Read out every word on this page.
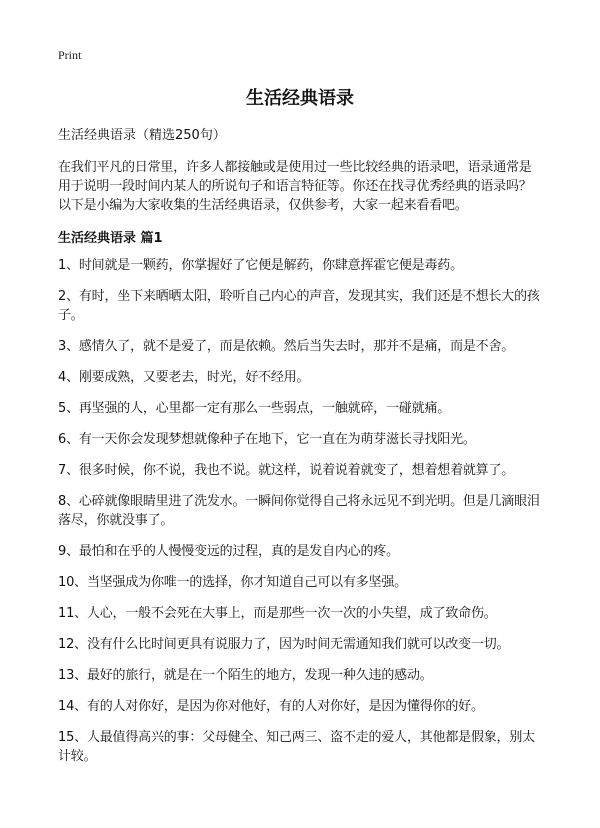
Print
生活经典语录
生活经典语录（精选250句）
在我们平凡的日常里，许多人都接触或是使用过一些比较经典的语录吧，语录通常是用于说明一段时间内某人的所说句子和语言特征等。你还在找寻优秀经典的语录吗？以下是小编为大家收集的生活经典语录，仅供参考，大家一起来看看吧。
生活经典语录 篇1
1、时间就是一颗药，你掌握好了它便是解药，你肆意挥霍它便是毒药。
2、有时，坐下来晒晒太阳，聆听自己内心的声音，发现其实，我们还是不想长大的孩子。
3、感情久了，就不是爱了，而是依赖。然后当失去时，那并不是痛，而是不舍。
4、刚要成熟，又要老去，时光，好不经用。
5、再坚强的人，心里都一定有那么一些弱点，一触就碎，一碰就痛。
6、有一天你会发现梦想就像种子在地下，它一直在为萌芽滋长寻找阳光。
7、很多时候，你不说，我也不说。就这样，说着说着就变了，想着想着就算了。
8、心碎就像眼睛里进了洗发水。一瞬间你觉得自己将永远见不到光明。但是几滴眼泪落尽，你就没事了。
9、最怕和在乎的人慢慢变远的过程，真的是发自内心的疼。
10、当坚强成为你唯一的选择，你才知道自己可以有多坚强。
11、人心，一般不会死在大事上，而是那些一次一次的小失望，成了致命伤。
12、没有什么比时间更具有说服力了，因为时间无需通知我们就可以改变一切。
13、最好的旅行，就是在一个陌生的地方，发现一种久违的感动。
14、有的人对你好，是因为你对他好，有的人对你好，是因为懂得你的好。
15、人最值得高兴的事：父母健全、知己两三、盗不走的爱人，其他都是假象，别太计较。
